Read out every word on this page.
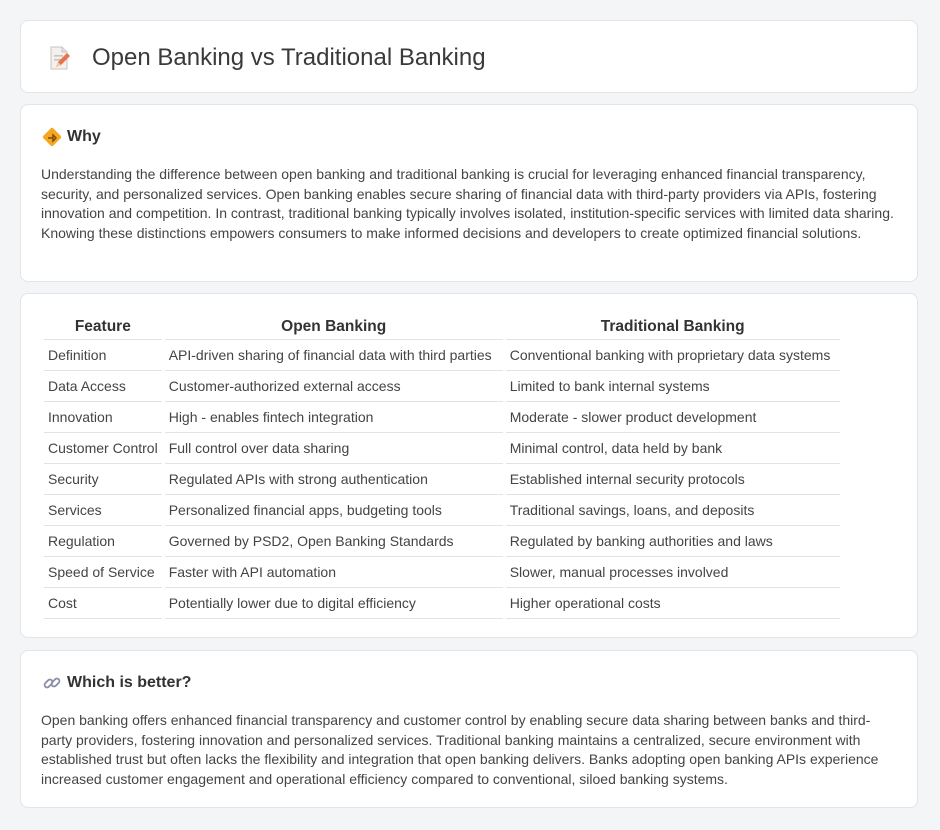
Open Banking vs Traditional Banking
Why

Understanding the difference between open banking and traditional banking is crucial for leveraging enhanced financial transparency, security, and personalized services. Open banking enables secure sharing of financial data with third-party providers via APIs, fostering innovation and competition. In contrast, traditional banking typically involves isolated, institution-specific services with limited data sharing. Knowing these distinctions empowers consumers to make informed decisions and developers to create optimized financial solutions.

Feature	Open Banking	Traditional Banking
Definition	API-driven sharing of financial data with third parties	Conventional banking with proprietary data systems
Data Access	Customer-authorized external access	Limited to bank internal systems
Innovation	High - enables fintech integration	Moderate - slower product development
Customer Control	Full control over data sharing	Minimal control, data held by bank
Security	Regulated APIs with strong authentication	Established internal security protocols
Services	Personalized financial apps, budgeting tools	Traditional savings, loans, and deposits
Regulation	Governed by PSD2, Open Banking Standards	Regulated by banking authorities and laws
Speed of Service	Faster with API automation	Slower, manual processes involved
Cost	Potentially lower due to digital efficiency	Higher operational costs
Which is better?

Open banking offers enhanced financial transparency and customer control by enabling secure data sharing between banks and third-party providers, fostering innovation and personalized services. Traditional banking maintains a centralized, secure environment with established trust but often lacks the flexibility and integration that open banking delivers. Banks adopting open banking APIs experience increased customer engagement and operational efficiency compared to conventional, siloed banking systems.
